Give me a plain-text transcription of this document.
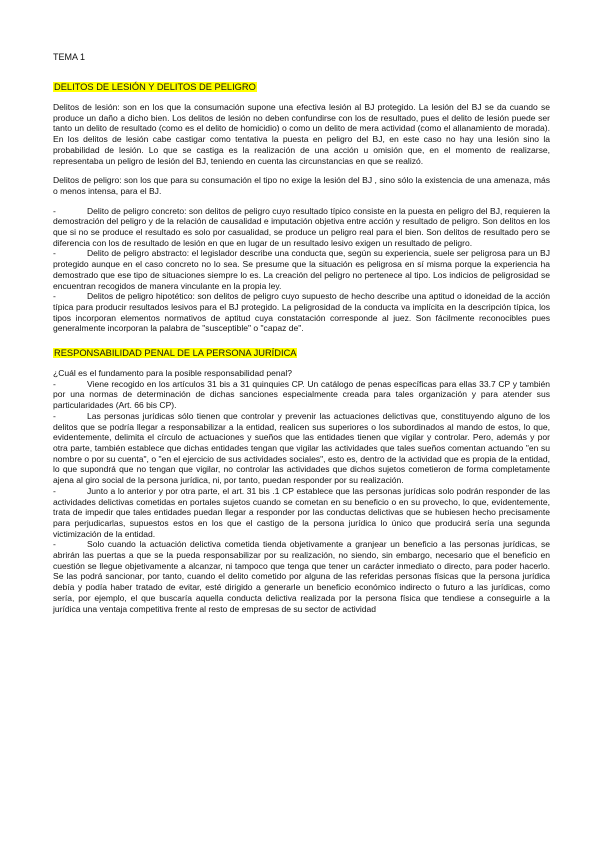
TEMA 1
DELITOS DE LESIÓN Y DELITOS DE PELIGRO

Delitos de lesión: son en los que la consumación supone una efectiva lesión al BJ protegido. La lesión del BJ se da cuando se produce un daño a dicho bien. Los delitos de lesión no deben confundirse con los de resultado, pues el delito de lesión puede ser tanto un delito de resultado (como es el delito de homicidio) o como un delito de mera actividad (como el allanamiento de morada). En los delitos de lesión cabe castigar como tentativa la puesta en peligro del BJ, en este caso no hay una lesión sino la probabilidad de lesión. Lo que se castiga es la realización de una acción u omisión que, en el momento de realizarse, representaba un peligro de lesión del BJ, teniendo en cuenta las circunstancias en que se realizó.

Delitos de peligro: son los que para su consumación el tipo no exige la lesión del BJ , sino sólo la existencia de una amenaza, más o menos intensa, para el BJ.

-	Delito de peligro concreto: son delitos de peligro cuyo resultado típico consiste en la puesta en peligro del BJ, requieren la demostración del peligro y de la relación de causalidad e imputación objetiva entre acción y resultado de peligro. Son delitos en los que si no se produce el resultado es solo por casualidad, se produce un peligro real para el bien. Son delitos de resultado pero se diferencia con los de resultado de lesión en que en lugar de un resultado lesivo exigen un resultado de peligro.

-	Delito de peligro abstracto: el legislador describe una conducta que, según su experiencia, suele ser peligrosa para un BJ protegido aunque en el caso concreto no lo sea. Se presume que la situación es peligrosa en sí misma porque la experiencia ha demostrado que ese tipo de situaciones siempre lo es. La creación del peligro no pertenece al tipo. Los indicios de peligrosidad se encuentran recogidos de manera vinculante en la propia ley.

-	Delitos de peligro hipotético: son delitos de peligro cuyo supuesto de hecho describe una aptitud o idoneidad de la acción típica para producir resultados lesivos para el BJ protegido. La peligrosidad de la conducta va implícita en la descripción típica, los tipos incorporan elementos normativos de aptitud cuya constatación corresponde al juez. Son fácilmente reconocibles pues generalmente incorporan la palabra de "susceptible" o "capaz de".

RESPONSABILIDAD PENAL DE LA PERSONA JURÍDICA

¿Cuál es el fundamento para la posible responsabilidad penal?

-	Viene recogido en los artículos 31 bis a 31 quinquies CP. Un catálogo de penas específicas para ellas 33.7 CP y también por una normas de determinación de dichas sanciones especialmente creada para tales organización y para atender sus particularidades (Art. 66 bis CP).

-	Las personas jurídicas sólo tienen que controlar y prevenir las actuaciones delictivas que, constituyendo alguno de los delitos que se podría llegar a responsabilizar a la entidad, realicen sus superiores o los subordinados al mando de estos, lo que, evidentemente, delimita el círculo de actuaciones y sueños que las entidades tienen que vigilar y controlar. Pero, además y por otra parte, también establece que dichas entidades tengan que vigilar las actividades que tales sueños comentan actuando "en su nombre o por su cuenta", o "en el ejercicio de sus actividades sociales", esto es, dentro de la actividad que es propia de la entidad, lo que supondrá que no tengan que vigilar, no controlar las actividades que dichos sujetos cometieron de forma completamente ajena al giro social de la persona jurídica, ni, por tanto, puedan responder por su realización.

-	Junto a lo anterior y por otra parte, el art. 31 bis .1 CP establece que las personas jurídicas solo podrán responder de las actividades delictivas cometidas en portales sujetos cuando se cometan en su beneficio o en su provecho, lo que, evidentemente, trata de impedir que tales entidades puedan llegar a responder por las conductas delictivas que se hubiesen hecho precisamente para perjudicarlas, supuestos estos en los que el castigo de la persona jurídica lo único que producirá sería una segunda victimización de la entidad.

-	Solo cuando la actuación delictiva cometida tienda objetivamente a granjear un beneficio a las personas jurídicas, se abrirán las puertas a que se la pueda responsabilizar por su realización, no siendo, sin embargo, necesario que el beneficio en cuestión se llegue objetivamente a alcanzar, ni tampoco que tenga que tener un carácter inmediato o directo, para poder hacerlo. Se las podrá sancionar, por tanto, cuando el delito cometido por alguna de las referidas personas físicas que la persona jurídica debía y podía haber tratado de evitar, esté dirigido a generarle un beneficio económico indirecto o futuro a las jurídicas, como sería, por ejemplo, el que buscaría aquella conducta delictiva realizada por la persona física que tendiese a conseguirle a la jurídica una ventaja competitiva frente al resto de empresas de su sector de actividad
